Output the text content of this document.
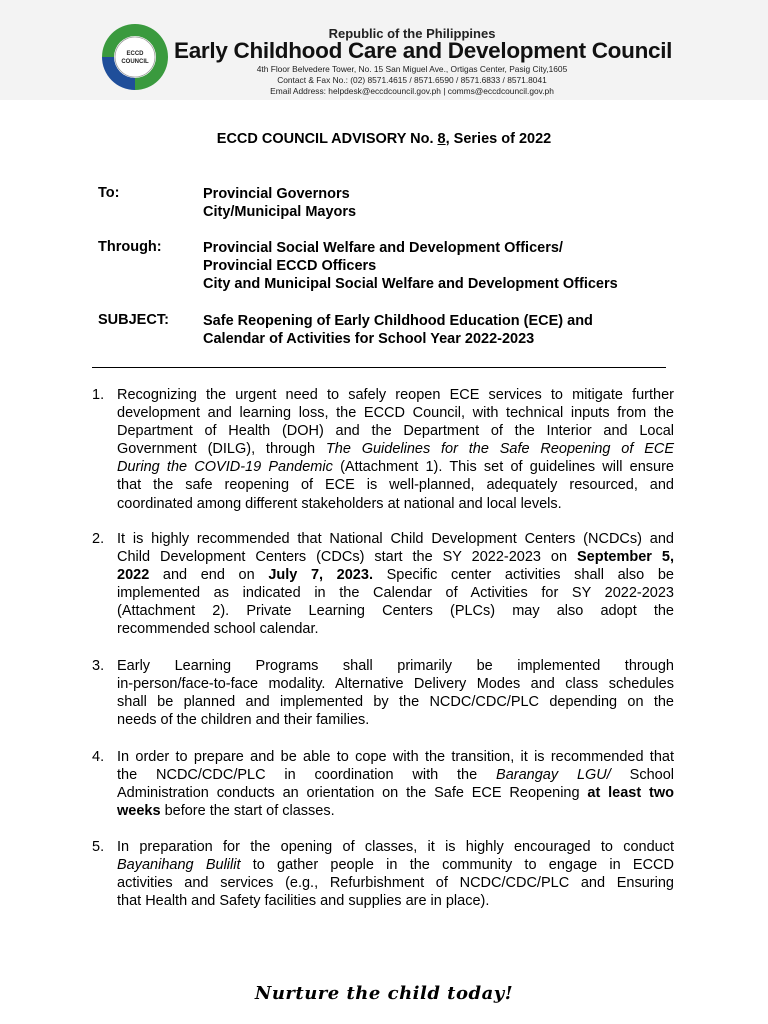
ECCD
COUNCIL
Republic of the Philippines
Early Childhood Care and Development Council
4th Floor Belvedere Tower, No. 15 San Miguel Ave., Ortigas Center, Pasig City,1605
Contact & Fax No.: (02) 8571.4615 / 8571.6590 / 8571.6833 / 8571.8041
Email Address: helpdesk@eccdcouncil.gov.ph | comms@eccdcouncil.gov.ph
ECCD COUNCIL ADVISORY No. 8, Series of 2022
To:	Provincial Governors
City/Municipal Mayors
Through:	Provincial Social Welfare and Development Officers/
Provincial ECCD Officers
City and Municipal Social Welfare and Development Officers
SUBJECT: Safe Reopening of Early Childhood Education (ECE) and
Calendar of Activities for School Year 2022-2023
1. Recognizing the urgent need to safely reopen ECE services to mitigate further
development and learning loss, the ECCD Council, with technical inputs from the
Department of Health (DOH) and the Department of the Interior and Local
Government (DILG), through The Guidelines for the Safe Reopening of ECE
During the COVID-19 Pandemic (Attachment 1). This set of guidelines will ensure
that the safe reopening of ECE is well-planned, adequately resourced, and
coordinated among different stakeholders at national and local levels.
2. It is highly recommended that National Child Development Centers (NCDCs) and
Child Development Centers (CDCs) start the SY 2022-2023 on September 5,
2022 and end on July 7, 2023. Specific center activities shall also be
implemented as indicated in the Calendar of Activities for SY 2022-2023
(Attachment 2). Private Learning Centers (PLCs) may also adopt the
recommended school calendar.
3. Early Learning Programs shall primarily be implemented through
in-person/face-to-face modality. Alternative Delivery Modes and class schedules
shall be planned and implemented by the NCDC/CDC/PLC depending on the
needs of the children and their families.
4. In order to prepare and be able to cope with the transition, it is recommended that
the NCDC/CDC/PLC in coordination with the Barangay LGU/ School
Administration conducts an orientation on the Safe ECE Reopening at least two
weeks before the start of classes.
5. In preparation for the opening of classes, it is highly encouraged to conduct
Bayanihang Bulilit to gather people in the community to engage in ECCD
activities and services (e.g., Refurbishment of NCDC/CDC/PLC and Ensuring
that Health and Safety facilities and supplies are in place).
Nurture the child today!
